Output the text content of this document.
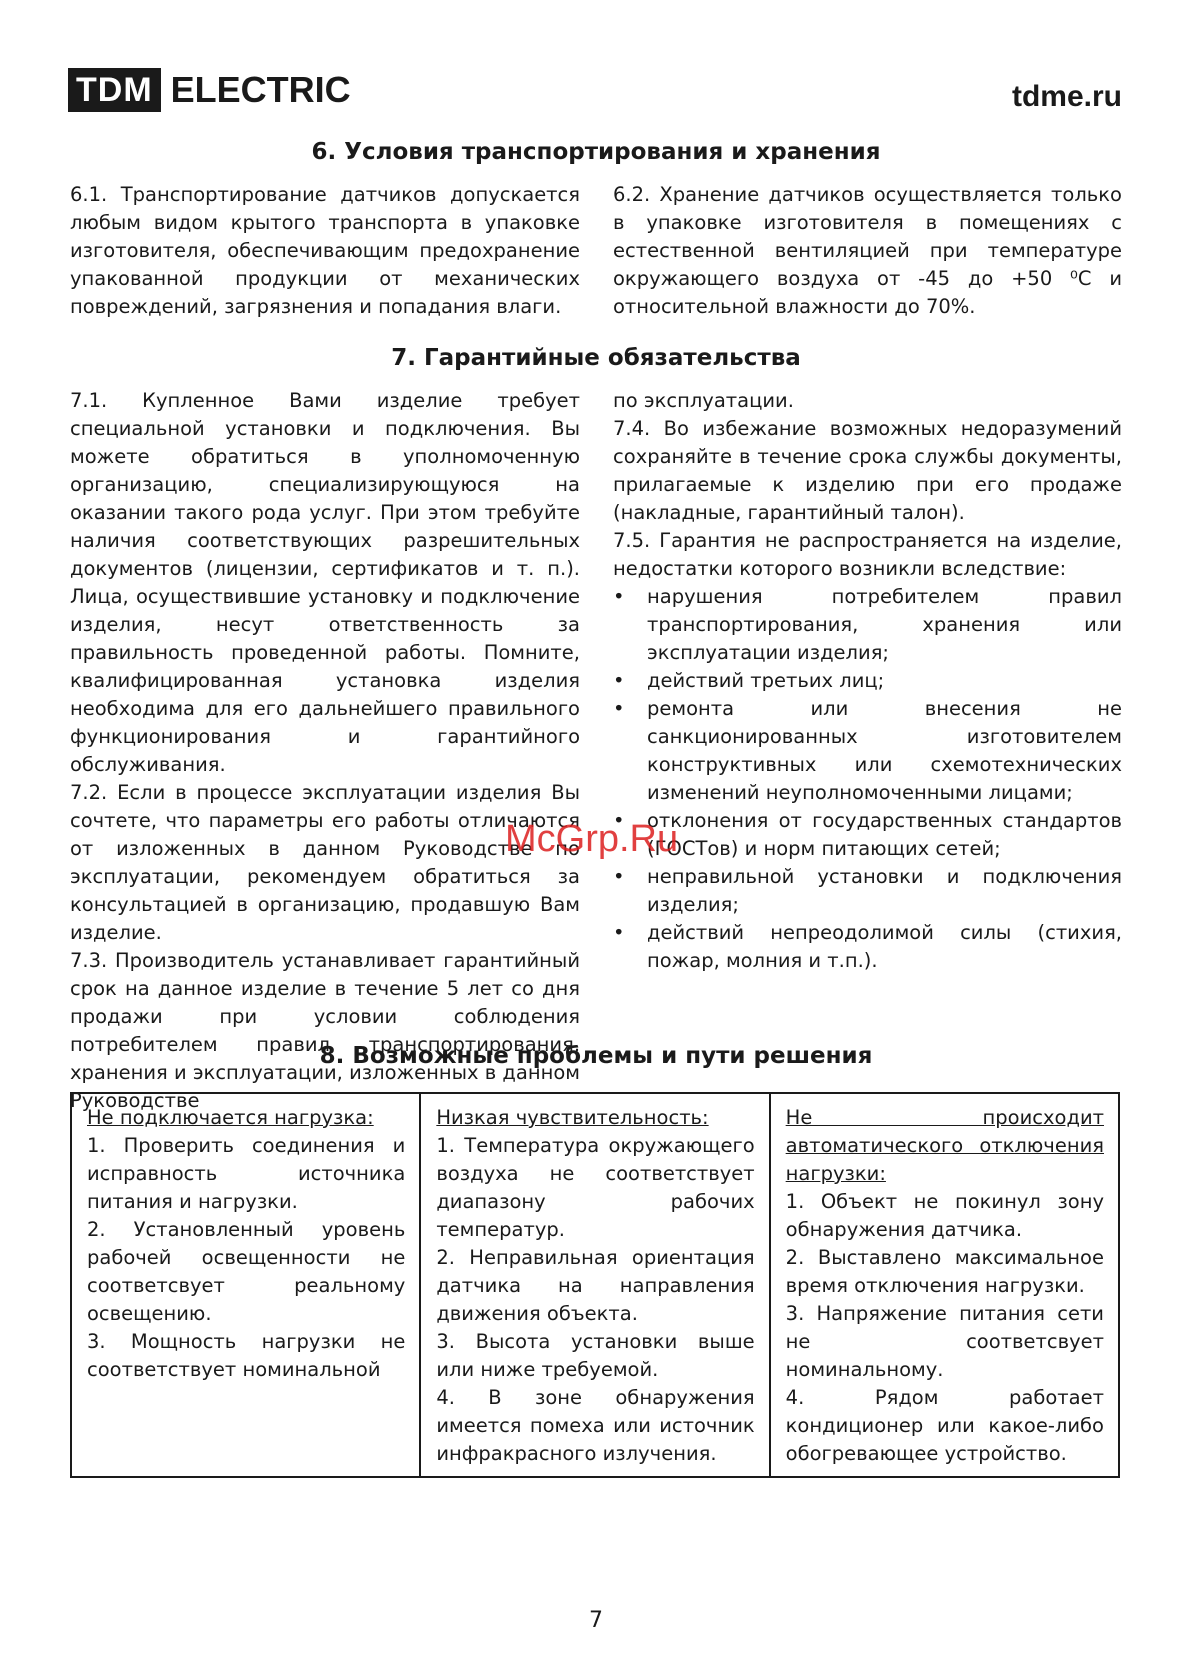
TDM ELECTRIC	tdme.ru
6. Условия транспортирования и хранения

6.1. Транспортирование датчиков допускается любым видом крытого транспорта в упаковке изготовителя, обеспечивающим предохранение упакованной продукции от механических повреждений, загрязнения и попадания влаги.

6.2. Хранение датчиков осуществляется только в упаковке изготовителя в помещениях с естественной вентиляцией при температуре окружающего воздуха от -45 до +50 ⁰С и относительной влажности до 70%.

7. Гарантийные обязательства

7.1. Купленное Вами изделие требует специальной установки и подключения. Вы можете обратиться в уполномоченную организацию, специализирующуюся на оказании такого рода услуг. При этом требуйте наличия соответствующих разрешительных документов (лицензии, сертификатов и т. п.). Лица, осуществившие установку и подключение изделия, несут ответственность за правильность проведенной работы. Помните, квалифицированная установка изделия необходима для его дальнейшего правильного функционирования и гарантийного обслуживания.

7.2. Если в процессе эксплуатации изделия Вы сочтете, что параметры его работы отличаются от изложенных в данном Руководстве по эксплуатации, рекомендуем обратиться за консультацией в организацию, продавшую Вам изделие.

7.3. Производитель устанавливает гарантийный срок на данное изделие в течение 5 лет со дня продажи при условии соблюдения потребителем правил транспортирования, хранения и эксплуатации, изложенных в данном Руководстве

по эксплуатации.

7.4. Во избежание возможных недоразумений сохраняйте в течение срока службы документы, прилагаемые к изделию при его продаже (накладные, гарантийный талон).

7.5. Гарантия не распространяется на изделие, недостатки которого возникли вследствие:

• нарушения потребителем правил транспортирования, хранения или эксплуатации изделия;

• действий третьих лиц;

• ремонта или внесения не санкционированных изготовителем конструктивных или схемотехнических изменений неуполномоченными лицами;

• отклонения от государственных стандартов (ГОСТов) и норм питающих сетей;

• неправильной установки и подключения изделия;

• действий непреодолимой силы (стихия, пожар, молния и т.п.).

8. Возможные проблемы и пути решения

Не подключается нагрузка:

1. Проверить соединения и исправность источника питания и нагрузки.

2. Установленный уровень рабочей освещенности не соответсвует реальному освещению.

3. Мощность нагрузки не соответствует номинальной

Низкая чувствительность:

1. Температура окружающего воздуха не соответствует диапазону рабочих температур.

2. Неправильная ориентация датчика на направления движения объекта.

3. Высота установки выше или ниже требуемой.

4. В зоне обнаружения имеется помеха или источник инфракрасного излучения.

Не происходит автоматического отключения нагрузки:

1. Объект не покинул зону обнаружения датчика.

2. Выставлено максимальное время отключения нагрузки.

3. Напряжение питания сети не соответсвует номинальному.

4. Рядом работает кондиционер или какое-либо обогревающее устройство.

McGrp.Ru
7
